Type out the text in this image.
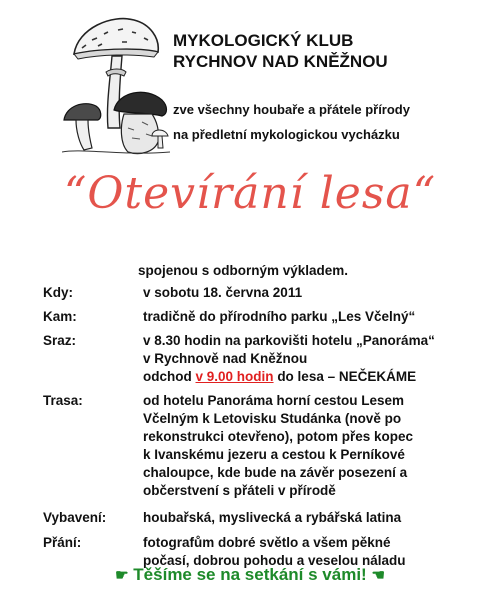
MYKOLOGICKÝ KLUB
RYCHNOV NAD KNĚŽNOU
zve všechny houbaře a přátele přírody
na předletní mykologickou vycházku
“Otevírání lesa“
spojenou s odborným výkladem.
Kdy:	v sobotu 18. června 2011
Kam:	tradičně do přírodního parku „Les Včelný“
Sraz:	v 8.30 hodin na parkovišti hotelu „Panoráma“
v Rychnově nad Kněžnou
odchod v 9.00 hodin do lesa – NEČEKÁME
Trasa:	od hotelu Panoráma horní cestou Lesem
Včelným k Letovisku Studánka (nově po
rekonstrukci otevřeno), potom přes kopec
k Ivanskému jezeru a cestou k Perníkové
chaloupce, kde bude na závěr posezení a
občerstvení s přáteli v přírodě
Vybavení:	houbařská, myslivecká a rybářská latina
Přání:	fotografům dobré světlo a všem pěkné
počasí, dobrou pohodu a veselou náladu
☛ Těšíme se na setkání s vámi! ☚
